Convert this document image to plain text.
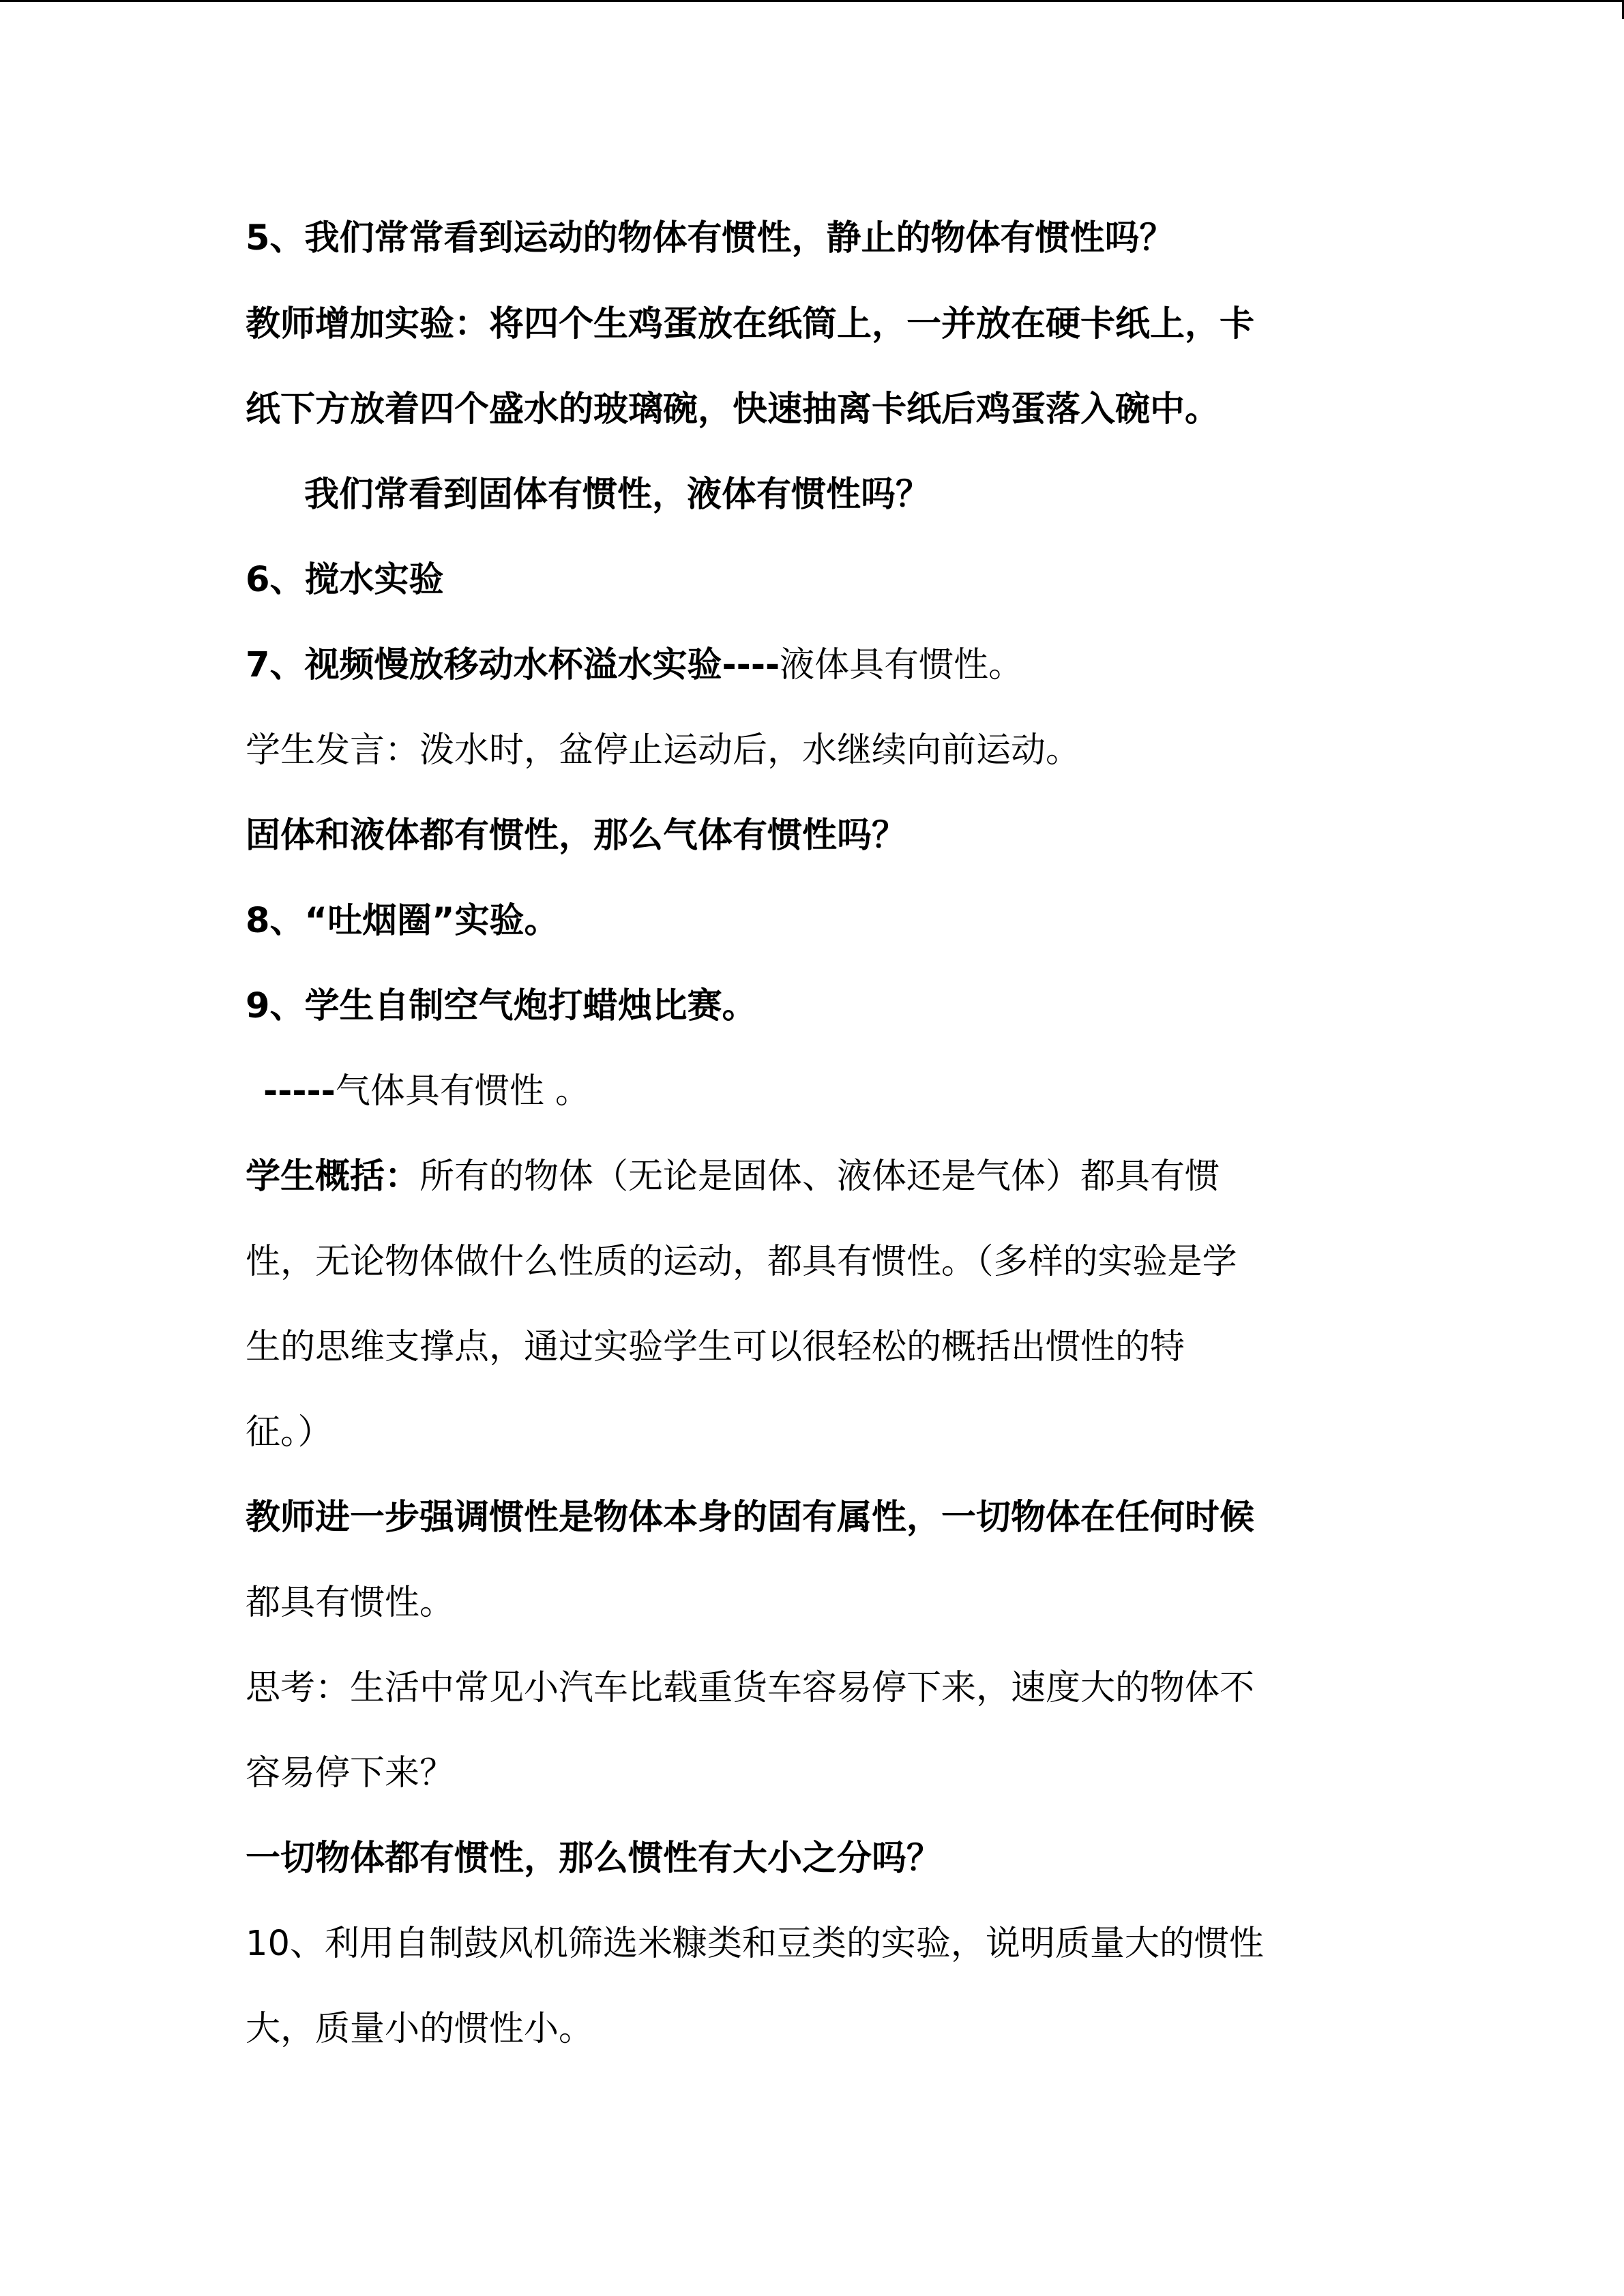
5、我们常常看到运动的物体有惯性，静止的物体有惯性吗？
教师增加实验：将四个生鸡蛋放在纸筒上，一并放在硬卡纸上，卡
纸下方放着四个盛水的玻璃碗，快速抽离卡纸后鸡蛋落入碗中。
我们常看到固体有惯性，液体有惯性吗？
6、搅水实验
7、视频慢放移动水杯溢水实验----液体具有惯性。
学生发言：泼水时，盆停止运动后，水继续向前运动。
固体和液体都有惯性，那么气体有惯性吗？
8、“吐烟圈”实验。
9、学生自制空气炮打蜡烛比赛。
-----气体具有惯性 。
学生概括：所有的物体（无论是固体、液体还是气体）都具有惯
性，无论物体做什么性质的运动，都具有惯性。（多样的实验是学
生的思维支撑点，通过实验学生可以很轻松的概括出惯性的特
征。）
教师进一步强调惯性是物体本身的固有属性，一切物体在任何时候
都具有惯性。
思考：生活中常见小汽车比载重货车容易停下来，速度大的物体不
容易停下来？
一切物体都有惯性，那么惯性有大小之分吗？
10、利用自制鼓风机筛选米糠类和豆类的实验，说明质量大的惯性
大，质量小的惯性小。
